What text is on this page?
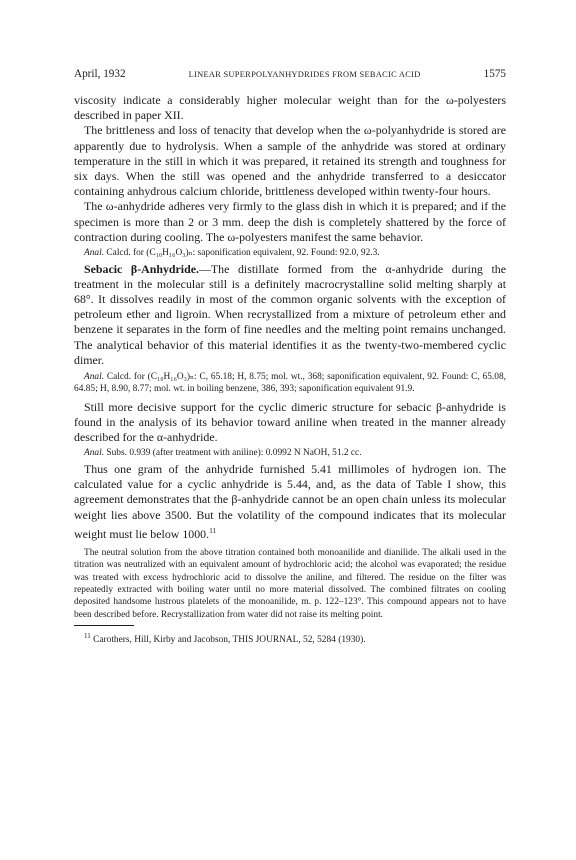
April, 1932	LINEAR SUPERPOLYANHYDRIDES FROM SEBACIC ACID	1575

viscosity indicate a considerably higher molecular weight than for the ω-polyesters described in paper XII.

The brittleness and loss of tenacity that develop when the ω-polyanhydride is stored are apparently due to hydrolysis. When a sample of the anhydride was stored at ordinary temperature in the still in which it was prepared, it retained its strength and toughness for six days. When the still was opened and the anhydride transferred to a desiccator containing anhydrous calcium chloride, brittleness developed within twenty-four hours.

The ω-anhydride adheres very firmly to the glass dish in which it is prepared; and if the specimen is more than 2 or 3 mm. deep the dish is completely shattered by the force of contraction during cooling. The ω-polyesters manifest the same behavior.

Anal. Calcd. for (C₁₀H₁₆O₃)ₙ: saponification equivalent, 92. Found: 92.0, 92.3.

Sebacic β-Anhydride.—The distillate formed from the α-anhydride during the treatment in the molecular still is a definitely macrocrystalline solid melting sharply at 68°. It dissolves readily in most of the common organic solvents with the exception of petroleum ether and ligroin. When recrystallized from a mixture of petroleum ether and benzene it separates in the form of fine needles and the melting point remains unchanged. The analytical behavior of this material identifies it as the twenty-two-membered cyclic dimer.

Anal. Calcd. for (C₁₀H₁₆O₃)ₙ: C, 65.18; H, 8.75; mol. wt., 368; saponification equivalent, 92. Found: C, 65.08, 64.85; H, 8.90, 8.77; mol. wt. in boiling benzene, 386, 393; saponification equivalent 91.9.

Still more decisive support for the cyclic dimeric structure for sebacic β-anhydride is found in the analysis of its behavior toward aniline when treated in the manner already described for the α-anhydride.

Anal. Subs. 0.939 (after treatment with aniline): 0.0992 N NaOH, 51.2 cc.

Thus one gram of the anhydride furnished 5.41 millimoles of hydrogen ion. The calculated value for a cyclic anhydride is 5.44, and, as the data of Table I show, this agreement demonstrates that the β-anhydride cannot be an open chain unless its molecular weight lies above 3500. But the volatility of the compound indicates that its molecular weight must lie below 1000.11

The neutral solution from the above titration contained both monoanilide and dianilide. The alkali used in the titration was neutralized with an equivalent amount of hydrochloric acid; the alcohol was evaporated; the residue was treated with excess hydrochloric acid to dissolve the aniline, and filtered. The residue on the filter was repeatedly extracted with boiling water until no more material dissolved. The combined filtrates on cooling deposited handsome lustrous platelets of the monoanilide, m. p. 122–123°. This compound appears not to have been described before. Recrystallization from water did not raise its melting point.

$^{11}$ Carothers, Hill, Kirby and Jacobson, THIS JOURNAL, 52, 5284 (1930).
